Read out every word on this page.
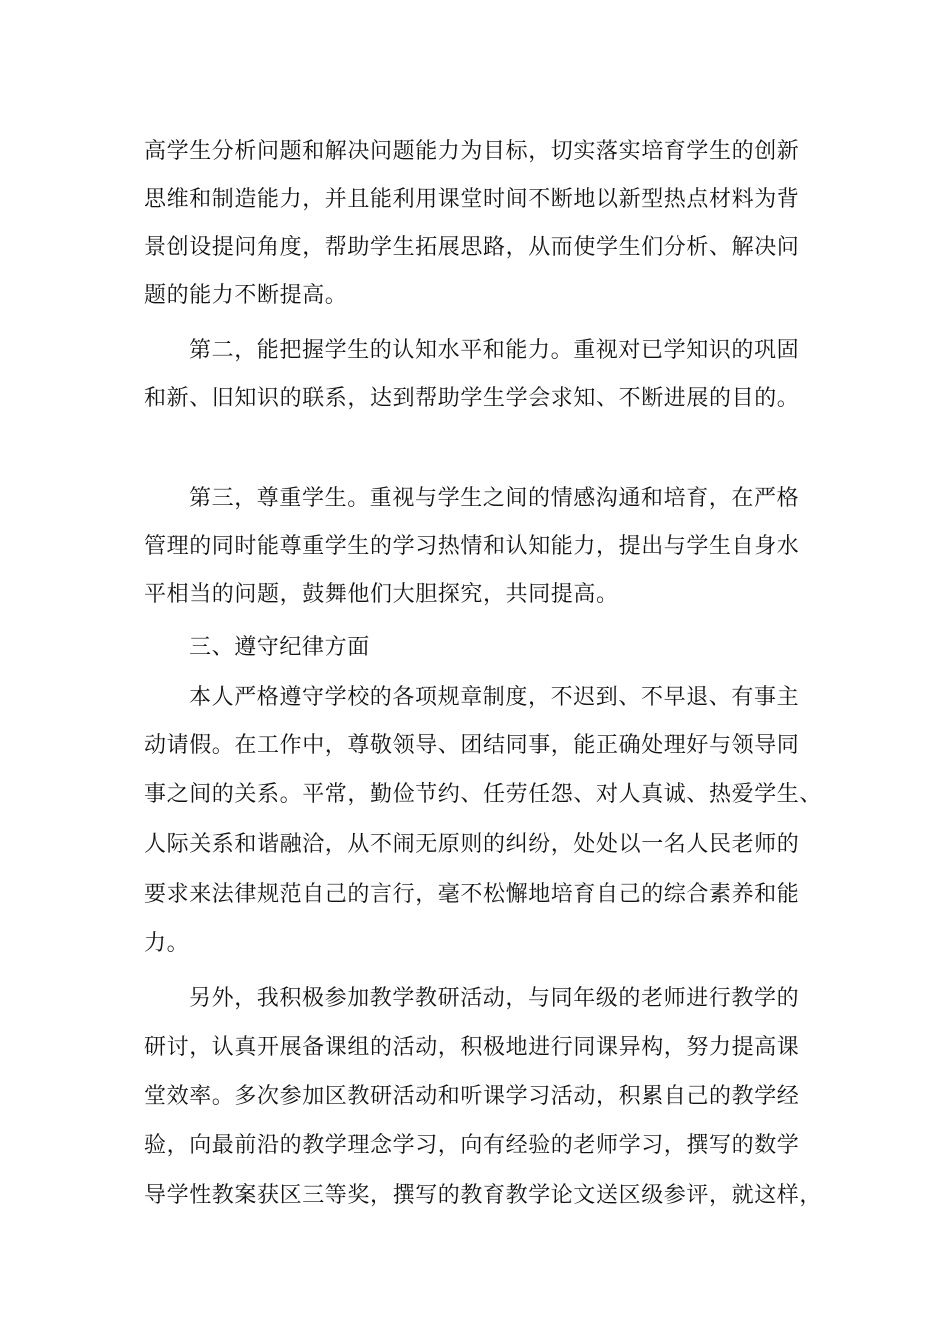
高学生分析问题和解决问题能力为目标，切实落实培育学生的创新
思维和制造能力，并且能利用课堂时间不断地以新型热点材料为背
景创设提问角度，帮助学生拓展思路，从而使学生们分析、解决问
题的能力不断提高。
第二，能把握学生的认知水平和能力。重视对已学知识的巩固
和新、旧知识的联系，达到帮助学生学会求知、不断进展的目的。
第三，尊重学生。重视与学生之间的情感沟通和培育，在严格
管理的同时能尊重学生的学习热情和认知能力，提出与学生自身水
平相当的问题，鼓舞他们大胆探究，共同提高。
三、遵守纪律方面
本人严格遵守学校的各项规章制度，不迟到、不早退、有事主
动请假。在工作中，尊敬领导、团结同事，能正确处理好与领导同
事之间的关系。平常，勤俭节约、任劳任怨、对人真诚、热爱学生、
人际关系和谐融洽，从不闹无原则的纠纷，处处以一名人民老师的
要求来法律规范自己的言行，毫不松懈地培育自己的综合素养和能
力。
另外，我积极参加教学教研活动，与同年级的老师进行教学的
研讨，认真开展备课组的活动，积极地进行同课异构，努力提高课
堂效率。多次参加区教研活动和听课学习活动，积累自己的教学经
验，向最前沿的教学理念学习，向有经验的老师学习，撰写的数学
导学性教案获区三等奖，撰写的教育教学论文送区级参评，就这样，
